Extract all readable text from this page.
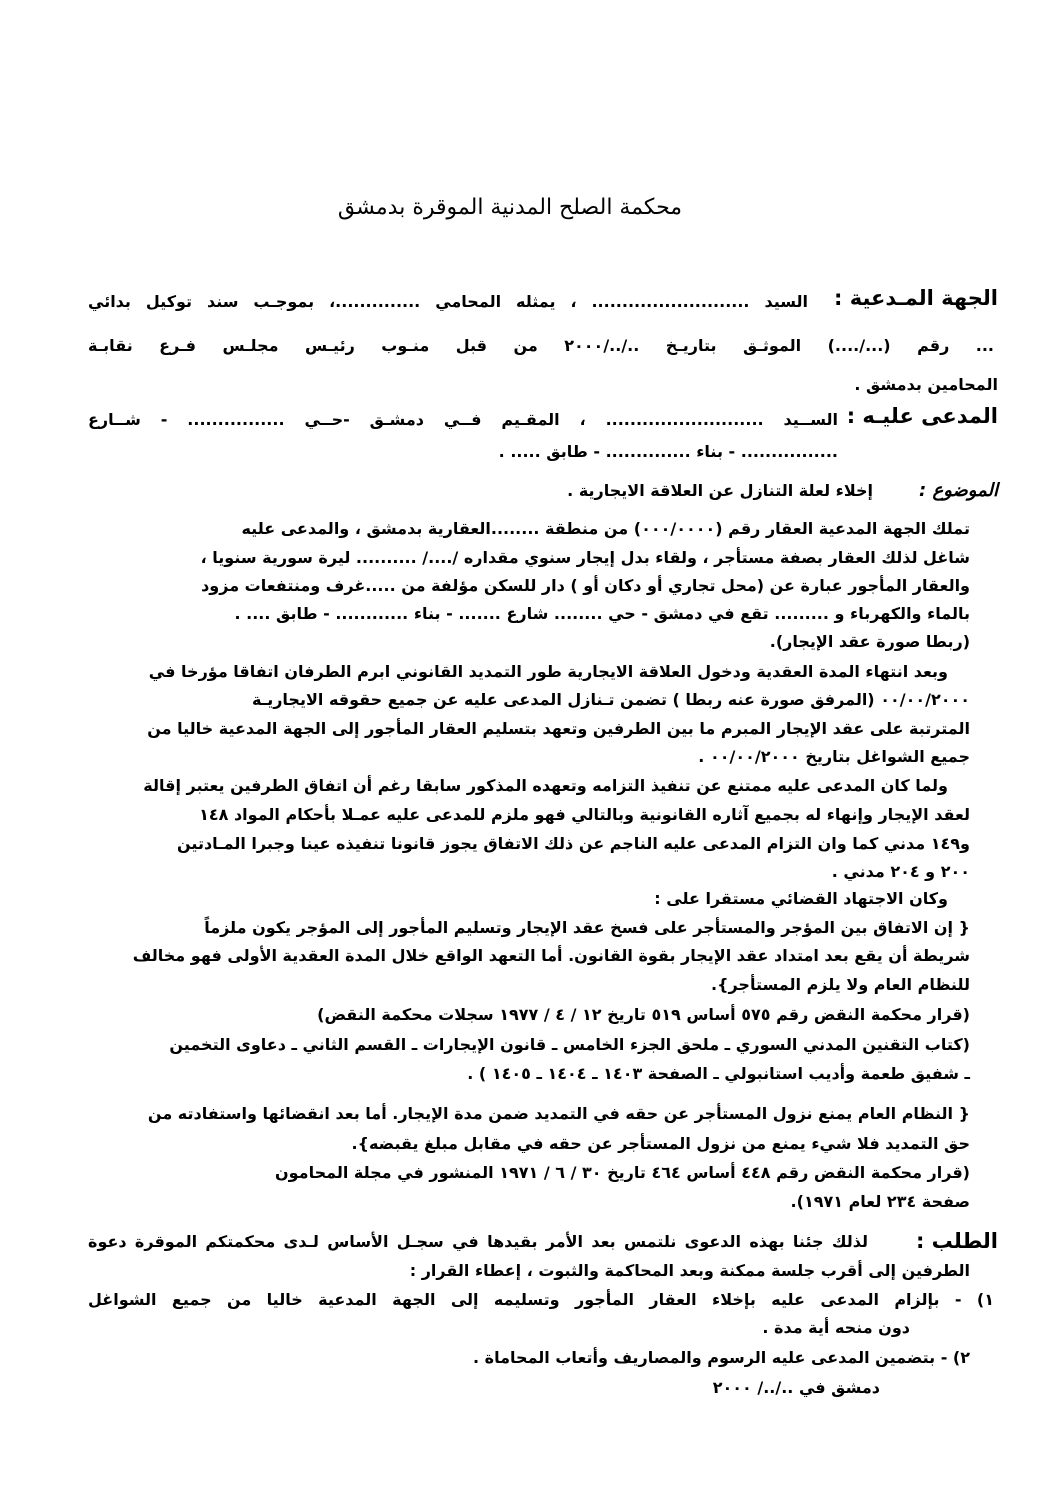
محكمة الصلح المدنية الموقرة بدمشق
الجهة المـدعية :
السيد .......................... ، يمثله المحامي ..............، بموجـب سند توكيل بدائي
... رقم (.../....) الموثـق بتاريـخ ../../٢٠٠٠ من قبل منـوب رئيـس مجلـس فـرع نقابـة
المحامين بدمشق .
المدعى عليـه :
الســيد .......................... ، المقـيم فــي دمشـق -حــي ................ - شــارع
................ - بناء .............. - طابق ..... .
الموضوع :
إخلاء لعلة التنازل عن العلاقة الايجارية .
تملك الجهة المدعية العقار رقم (٠٠٠/٠٠٠٠) من منطقة ........العقارية بدمشق ، والمدعى عليه
شاغل لذلك العقار بصفة مستأجر ، ولقاء بدل إيجار سنوي مقداره /..../ .......... ليرة سورية سنويا ،
والعقار المأجور عبارة عن (محل تجاري أو دكان أو ) دار للسكن مؤلفة من .....غرف ومنتفعات مزود
بالماء والكهرباء و ......... تقع في دمشق - حي ........ شارع ....... - بناء ............ - طابق .... .
(ربطا صورة عقد الإيجار).
وبعد انتهاء المدة العقدية ودخول العلاقة الايجارية طور التمديد القانوني ابرم الطرفان اتفاقا مؤرخا في
٠٠/٠٠/٢٠٠٠ (المرفق صورة عنه ربطا ) تضمن تـنازل المدعى عليه عن جميع حقوقه الايجاريـة
المترتبة على عقد الإيجار المبرم ما بين الطرفين وتعهد بتسليم العقار المأجور إلى الجهة المدعية خاليا من
جميع الشواغل بتاريخ ٠٠/٠٠/٢٠٠٠ .
ولما كان المدعى عليه ممتنع عن تنفيذ التزامه وتعهده المذكور سابقا رغم أن اتفاق الطرفين يعتبر إقالة
لعقد الإيجار وإنهاء له بجميع آثاره القانونية وبالتالي فهو ملزم للمدعى عليه عمـلا بأحكام المواد ١٤٨
و١٤٩ مدني كما وان التزام المدعى عليه الناجم عن ذلك الاتفاق يجوز قانونا تنفيذه عينا وجبرا المـادتين
٢٠٠ و ٢٠٤ مدني .
وكان الاجتهاد القضائي مستقرا على :
{ إن الاتفاق بين المؤجر والمستأجر على فسخ عقد الإيجار وتسليم المأجور إلى المؤجر يكون ملزماً
شريطة أن يقع بعد امتداد عقد الإيجار بقوة القانون. أما التعهد الواقع خلال المدة العقدية الأولى فهو مخالف
للنظام العام ولا يلزم المستأجر}.
(قرار محكمة النقض رقم ٥٧٥ أساس ٥١٩ تاريخ ١٢ / ٤ / ١٩٧٧ سجلات محكمة النقض)
(كتاب التقنين المدني السوري ـ ملحق الجزء الخامس ـ قانون الإيجارات ـ القسم الثاني ـ دعاوى التخمين
ـ شفيق طعمة وأديب استانبولي ـ الصفحة ١٤٠٣ ـ ١٤٠٤ ـ ١٤٠٥ ) .
{ النظام العام يمنع نزول المستأجر عن حقه في التمديد ضمن مدة الإيجار. أما بعد انقضائها واستفادته من
حق التمديد فلا شيء يمنع من نزول المستأجر عن حقه في مقابل مبلغ يقبضه}.
(قرار محكمة النقض رقم ٤٤٨ أساس ٤٦٤ تاريخ ٣٠ / ٦ / ١٩٧١ المنشور في مجلة المحامون
صفحة ٢٣٤ لعام ١٩٧١).
الطلب :
لذلك جئنا بهذه الدعوى نلتمس بعد الأمر بقيدها في سجـل الأساس لـدى محكمتكم الموقرة دعوة
الطرفين إلى أقرب جلسة ممكنة وبعد المحاكمة والثبوت ، إعطاء القرار :
١) - بإلزام المدعى عليه بإخلاء العقار المأجور وتسليمه إلى الجهة المدعية خاليا من جميع الشواغل
دون منحه أية مدة .
٢) - بتضمين المدعى عليه الرسوم والمصاريف وأتعاب المحاماة .
دمشق في ../../ ٢٠٠٠
